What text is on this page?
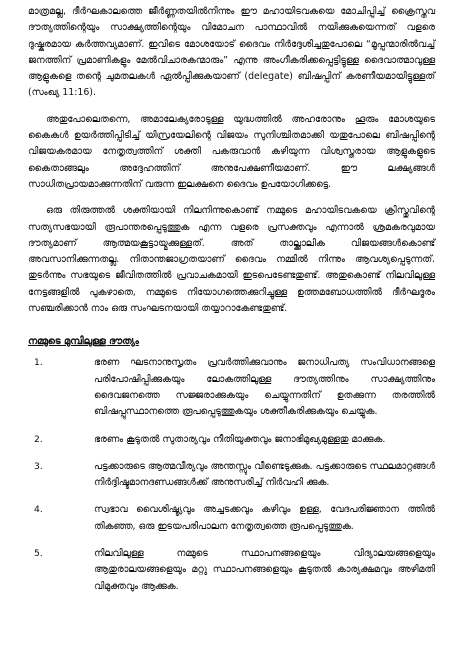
മാത്രമല്ല, ദീർഘകാലത്തെ ജീർണ്ണതയിൽനിന്നും ഈ മഹായിടവകയെ മോചിപ്പിച്ച് ക്രൈസ്തവ ദൗത്യത്തിന്റെയും സാക്ഷ്യത്തിന്റെയും വിമോചന പാന്ഥാവിൽ നയിക്കുകയെന്നത് വളരെ ദുഷ്കരമായ കർത്തവ്യമാണ്. ഇവിടെ മോശയോട് ദൈവം നിർദ്ദേശിച്ചതുപോലെ “മൂപ്പന്മാരിൽവച്ച് ജനത്തിന് പ്രമാണികളും മേൽവിചാരകന്മാരും” എന്നു അംഗീകരിക്കപ്പെട്ടിട്ടുള്ള ദൈവാത്മാവുള്ള ആളുകളെ തന്റെ ചുമതലകൾ ഏൽപ്പിക്കുകയാണ് (delegate) ബിഷപ്പിന് കരണീയമായിട്ടുള്ളത് (സംഖ്യ 11:16).

അതുപോലെതന്നെ, അമാലേക്യരോടുള്ള യുദ്ധത്തിൽ അഹരോനും ഹൂരും മോശയുടെ കൈകൾ ഉയർത്തിപ്പിടിച്ച് യിസ്രയേലിന്റെ വിജയം സുനിശ്ചിതമാക്കി യതുപോലെ ബിഷപ്പിന്റെ വിജയകരമായ നേതൃത്വത്തിന് ശക്തി പകരുവാൻ കഴിയുന്ന വിശ്വസ്തരായ ആളുകളുടെ കൈതാങ്ങലും അദ്ദേഹത്തിന് അനുപേക്ഷണീയമാണ്. ഈ ലക്ഷ്യങ്ങൾ സാധിതപ്രായമാക്കുന്നതിന് വരുന്ന ഇലക്ഷനെ ദൈവം ഉപയോഗിക്കട്ടെ.

ഒരു തിരുത്തൽ ശക്തിയായി നിലനിന്നുകൊണ്ട് നമ്മുടെ മഹായിടവകയെ ക്രിസ്തുവിന്റെ സത്യസഭയായി രൂപാന്തരപ്പെടുത്തുക എന്ന വളരെ പ്രസക്തവും എന്നാൽ ശ്രമകരവുമായ ദൗത്യമാണ് ആത്മയകൂട്ടായ്മക്കുള്ളത്. അത് താല്ക്കാലിക വിജയങ്ങൾകൊണ്ട് അവസാനിക്കുന്നതല്ല. നിതാന്തജാഗ്രതയാണ് ദൈവം നമ്മിൽ നിന്നും ആവശ്യപ്പെടുന്നത്. തുടർന്നും സഭയുടെ ജീവിതത്തിൽ പ്രവാചകമായി ഇടപെടേണ്ടതുണ്ട്. അതുകൊണ്ട് നിലവിലുള്ള നേട്ടങ്ങളിൽ പുകഴാതെ, നമ്മുടെ നിയോഗത്തെക്കുറിച്ചുള്ള ഉത്തമബോധത്തിൽ ദീർഘദൂരം സഞ്ചരിക്കാൻ നാം ഒരു സംഘടനയായി തയ്യാറാകേണ്ടതുണ്ട്.

നമ്മുടെ മുമ്പിലുള്ള ദൗത്യം
1.	ഭരണ ഘടനാനുസൃതം പ്രവർത്തിക്കുവാനും ജനാധിപത്യ സംവിധാനങ്ങളെ പരിപോഷിപ്പിക്കുകയും ലോകത്തിലുള്ള ദൗത്യത്തിനും സാക്ഷ്യത്തിനും ദൈവജനത്തെ സജ്ജരാക്കുകയും ചെയ്യുന്നതിന് ഉതക്കുന്ന തരത്തിൽ ബിഷപ്പുസ്ഥാനത്തെ രൂപപ്പെടുത്തുകയും ശക്തീകരിക്കുകയും ചെയ്യുക.
2.	ഭരണം കൂടുതൽ സുതാര്യവും നീതിയുക്തവും ജനാഭിമുഖ്യമുള്ളതു മാക്കുക.
3.	പട്ടക്കാരുടെ ആത്മവീര്യവും അന്തസ്സും വീണ്ടെടുക്കുക. പട്ടക്കാരുടെ സ്ഥലമാറ്റങ്ങൾ നിർദ്ദിഷ്ടമാനദണ്ഡങ്ങൾക്ക് അനുസരിച്ച് നിർവഹി ക്കുക.
4.	സ്വഭാവ വൈശിഷ്ട്യവും അച്ചടക്കവും കഴിവും ഉള്ള, വേദപരിജ്ഞാന ത്തിൽ തികഞ്ഞ, ഒരു ഇടയപരിപാലന നേതൃത്വത്തെ രൂപപ്പെടുത്തുക.
5.	നിലവിലുള്ള നമ്മുടെ സ്ഥാപനങ്ങളെയും വിദ്യാലയങ്ങളെയും ആതുരാലയങ്ങളെയും മറ്റു സ്ഥാപനങ്ങളെയും കൂടുതൽ കാര്യക്ഷമവും അഴിമതി വിമുക്തവും ആക്കുക.
